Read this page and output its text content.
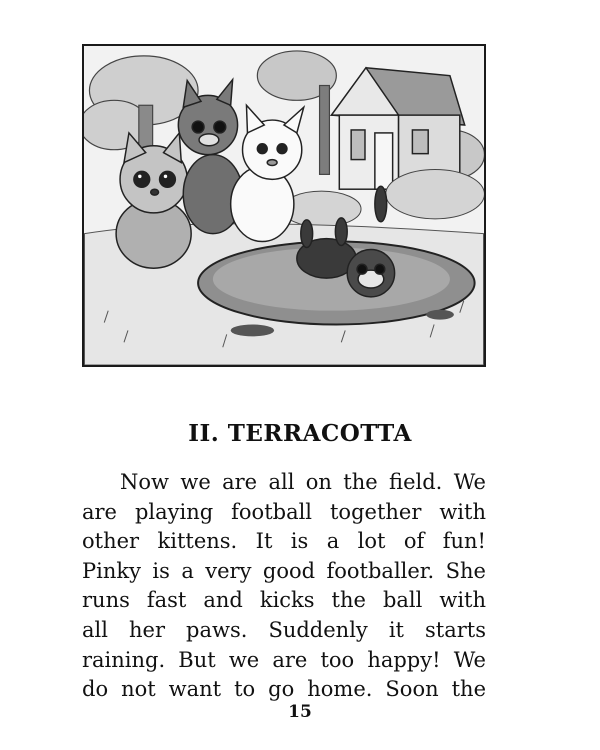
II. TERRACOTTA

Now we are all on the field. We
are playing football together with
other kittens. It is a lot of fun!
Pinky is a very good footballer. She
runs fast and kicks the ball with
all her paws. Suddenly it starts
raining. But we are too happy! We
do not want to go home. Soon the

15
